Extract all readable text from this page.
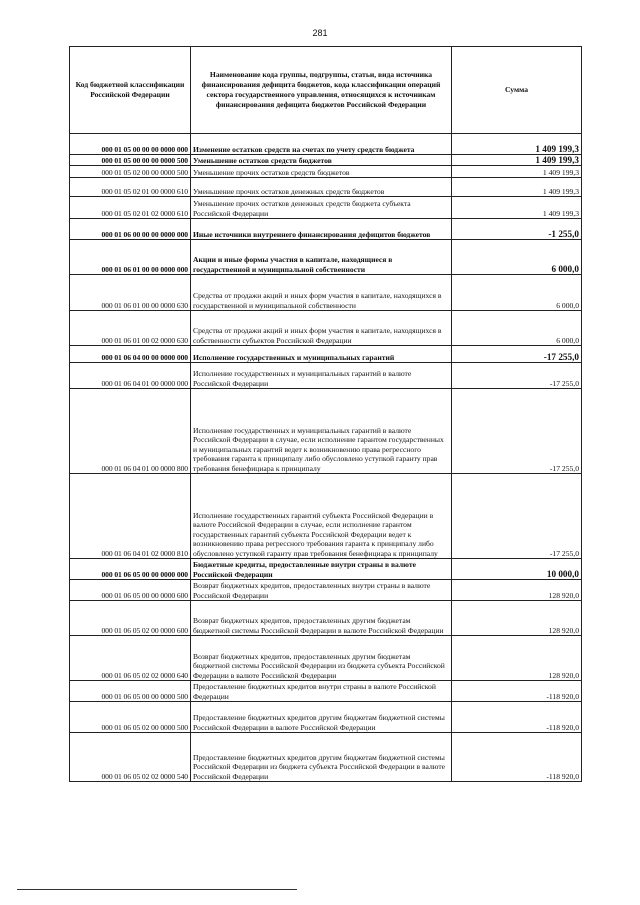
281
Код бюджетной классификации Российской Федерации	Наименование кода группы, подгруппы, статьи, вида источника финансирования дефицита бюджетов, кода классификации операций сектора государственного управления, относящихся к источникам финансирования дефицита бюджетов Российской Федерации	Сумма
000 01 05 00 00 00 0000 000	Изменение остатков средств на счетах по учету средств бюджета	1 409 199,3
000 01 05 00 00 00 0000 500	Уменьшение остатков средств бюджетов	1 409 199,3
000 01 05 02 00 00 0000 500	Уменьшение прочих остатков средств бюджетов	1 409 199,3
000 01 05 02 01 00 0000 610	Уменьшение прочих остатков денежных средств бюджетов	1 409 199,3
000 01 05 02 01 02 0000 610	Уменьшение прочих остатков денежных средств бюджета субъекта Российской Федерации	1 409 199,3
000 01 06 00 00 00 0000 000	Иные источники внутреннего финансирования дефицитов бюджетов	-1 255,0
000 01 06 01 00 00 0000 000	Акции и иные формы участия в капитале, находящиеся в государственной и муниципальной собственности	6 000,0
000 01 06 01 00 00 0000 630	Средства от продажи акций и иных форм участия в капитале, находящихся в государственной и муниципальной собственности	6 000,0
000 01 06 01 00 02 0000 630	Средства от продажи акций и иных форм участия в капитале, находящихся в собственности субъектов Российской Федерации	6 000,0
000 01 06 04 00 00 0000 000	Исполнение государственных и муниципальных гарантий	-17 255,0
000 01 06 04 01 00 0000 000	Исполнение государственных и муниципальных гарантий в валюте Российской Федерации	-17 255,0
000 01 06 04 01 00 0000 800	Исполнение государственных и муниципальных гарантий в валюте Российской Федерации в случае, если исполнение гарантом государственных и муниципальных гарантий ведет к возникновению права регрессного требования гаранта к принципалу либо обусловлено уступкой гаранту прав требования бенефициара к принципалу	-17 255,0
000 01 06 04 01 02 0000 810	Исполнение государственных гарантий субъекта Российской Федерации в валюте Российской Федерации в случае, если исполнение гарантом государственных гарантий субъекта Российской Федерации ведет к возникновению права регрессного требования гаранта к принципалу либо обусловлено уступкой гаранту прав требования бенефициара к принципалу	-17 255,0
000 01 06 05 00 00 0000 000	Бюджетные кредиты, предоставленные внутри страны в валюте Российской Федерации	10 000,0
000 01 06 05 00 00 0000 600	Возврат бюджетных кредитов, предоставленных внутри страны в валюте Российской Федерации	128 920,0
000 01 06 05 02 00 0000 600	Возврат бюджетных кредитов, предоставленных другим бюджетам бюджетной системы Российской Федерации в валюте Российской Федерации	128 920,0
000 01 06 05 02 02 0000 640	Возврат бюджетных кредитов, предоставленных другим бюджетам бюджетной системы Российской Федерации из бюджета субъекта Российской Федерации в валюте Российской Федерации	128 920,0
000 01 06 05 00 00 0000 500	Предоставление бюджетных кредитов внутри страны в валюте Российской Федерации	-118 920,0
000 01 06 05 02 00 0000 500	Предоставление бюджетных кредитов другим бюджетам бюджетной системы Российской Федерации в валюте Российской Федерации	-118 920,0
000 01 06 05 02 02 0000 540	Предоставление бюджетных кредитов другим бюджетам бюджетной системы Российской Федерации из бюджета субъекта Российской Федерации в валюте Российской Федерации	-118 920,0
